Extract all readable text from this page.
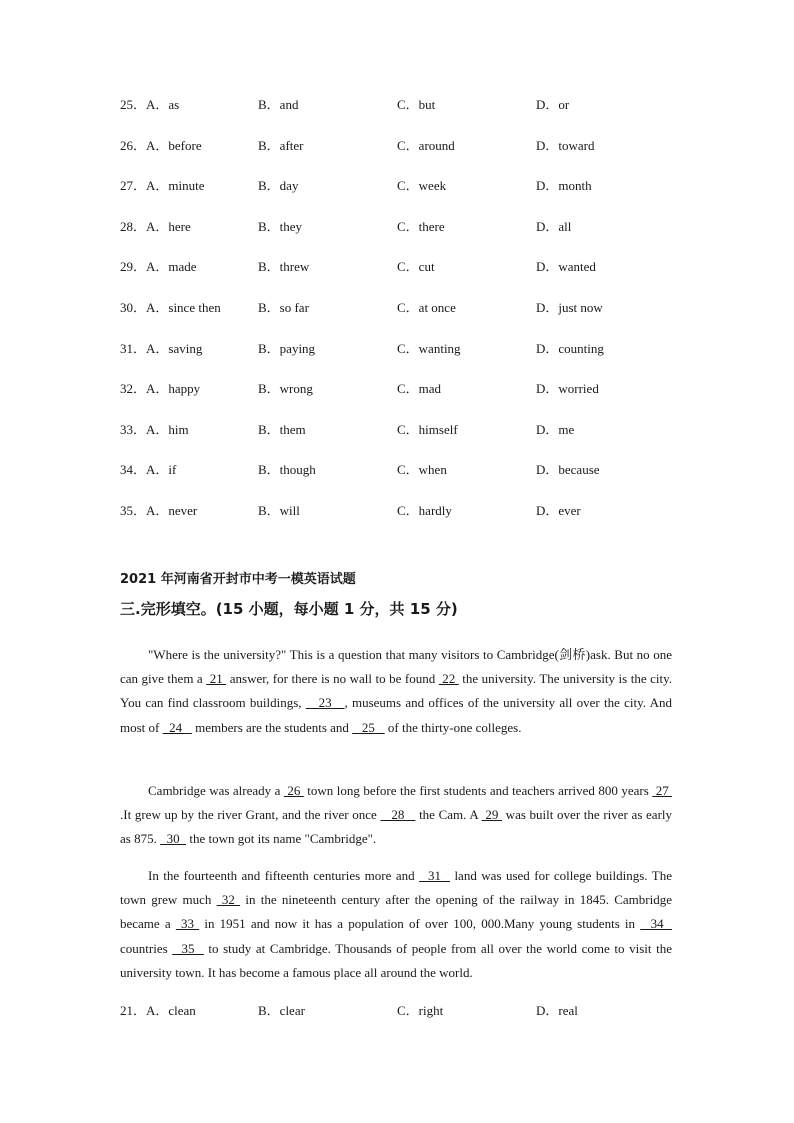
25．A．as	B．and	C．but	D．or
26．A．before	B．after	C．around	D．toward
27．A．minute	B．day	C．week	D．month
28．A．here	B．they	C．there	D．all
29．A．made	B．threw	C．cut	D．wanted
30．A．since then	B．so far	C．at once	D．just now
31．A．saving	B．paying	C．wanting	D．counting
32．A．happy	B．wrong	C．mad	D．worried
33．A．him	B．them	C．himself	D．me
34．A．if	B．though	C．when	D．because
35．A．never	B．will	C．hardly	D．ever
2021 年河南省开封市中考一模英语试题
三.完形填空。(15 小题，每小题 1 分，共 15 分)

"Where is the university?" This is a question that many visitors to Cambridge(剑桥)ask. But no one can give them a  21  answer, for there is no wall to be found  22  the university. The university is the city. You can find classroom buildings,    23   , museums and offices of the university all over the city. And most of   24    members are the students and    25    of the thirty-one colleges.

Cambridge was already a  26  town long before the first students and teachers arrived 800 years  27  .It grew up by the river Grant, and the river once    28    the Cam. A  29  was built over the river as early as 875.   30   the town got its name "Cambridge".

In the fourteenth and fifteenth centuries more and   31   land was used for college buildings. The town grew much  32  in the nineteenth century after the opening of the railway in 1845. Cambridge became a  33  in 1951 and now it has a population of over 100, 000.Many young students in   34   countries   35   to study at Cambridge. Thousands of people from all over the world come to visit the university town. It has become a famous place all around the world.

21．A．clean	B．clear	C．right	D．real
